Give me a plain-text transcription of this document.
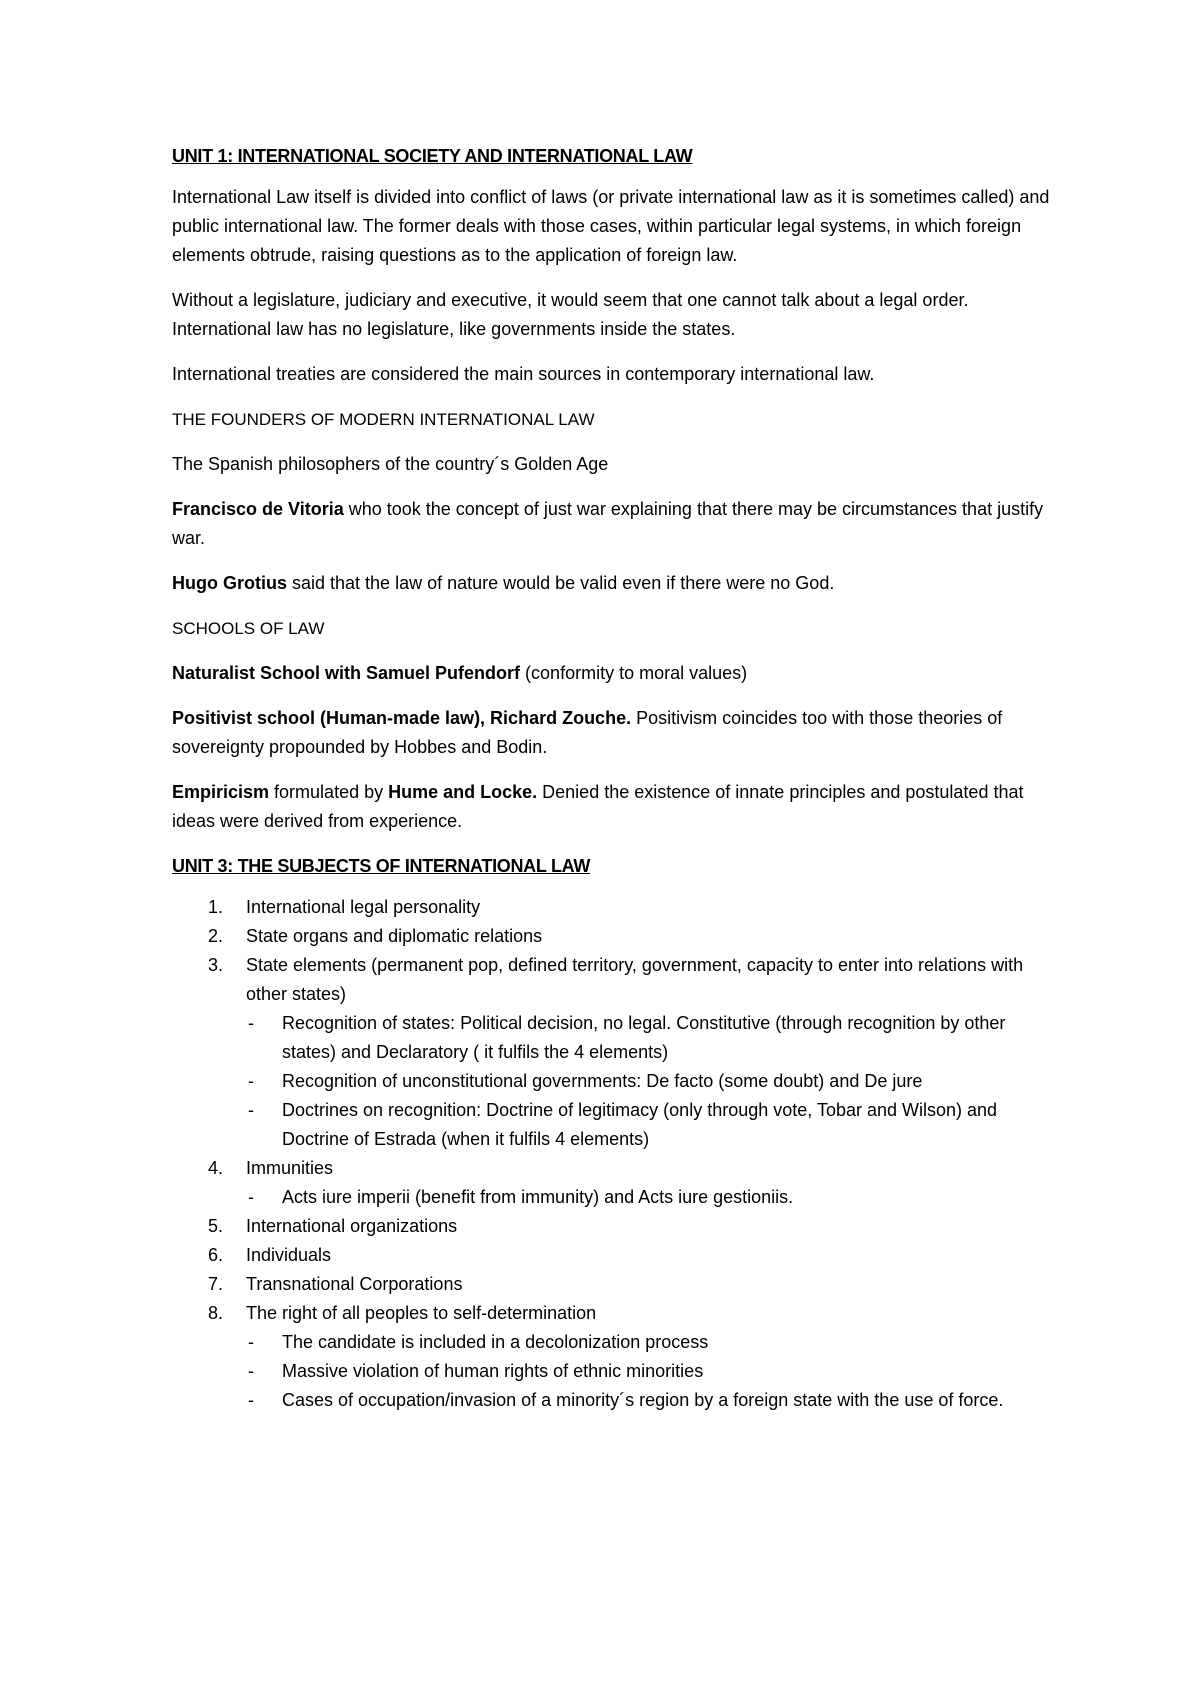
UNIT 1: INTERNATIONAL SOCIETY AND INTERNATIONAL LAW

International Law itself is divided into conflict of laws (or private international law as it is sometimes called) and public international law. The former deals with those cases, within particular legal systems, in which foreign elements obtrude, raising questions as to the application of foreign law.

Without a legislature, judiciary and executive, it would seem that one cannot talk about a legal order. International law has no legislature, like governments inside the states.

International treaties are considered the main sources in contemporary international law.

THE FOUNDERS OF MODERN INTERNATIONAL LAW

The Spanish philosophers of the country´s Golden Age

Francisco de Vitoria who took the concept of just war explaining that there may be circumstances that justify war.

Hugo Grotius said that the law of nature would be valid even if there were no God.

SCHOOLS OF LAW

Naturalist School with Samuel Pufendorf (conformity to moral values)

Positivist school (Human-made law), Richard Zouche. Positivism coincides too with those theories of sovereignty propounded by Hobbes and Bodin.

Empiricism formulated by Hume and Locke. Denied the existence of innate principles and postulated that ideas were derived from experience.

UNIT 3: THE SUBJECTS OF INTERNATIONAL LAW
1.	International legal personality
2.	State organs and diplomatic relations
3.	State elements (permanent pop, defined territory, government, capacity to enter into relations with other states)
- Recognition of states: Political decision, no legal. Constitutive (through recognition by other states) and Declaratory ( it fulfils the 4 elements)
- Recognition of unconstitutional governments: De facto (some doubt) and De jure
- Doctrines on recognition: Doctrine of legitimacy (only through vote, Tobar and Wilson) and Doctrine of Estrada (when it fulfils 4 elements)
4.	Immunities
- Acts iure imperii (benefit from immunity) and Acts iure gestioniis.
5.	International organizations
6.	Individuals
7.	Transnational Corporations
8.	The right of all peoples to self-determination
- The candidate is included in a decolonization process
- Massive violation of human rights of ethnic minorities
- Cases of occupation/invasion of a minority´s region by a foreign state with the use of force.
